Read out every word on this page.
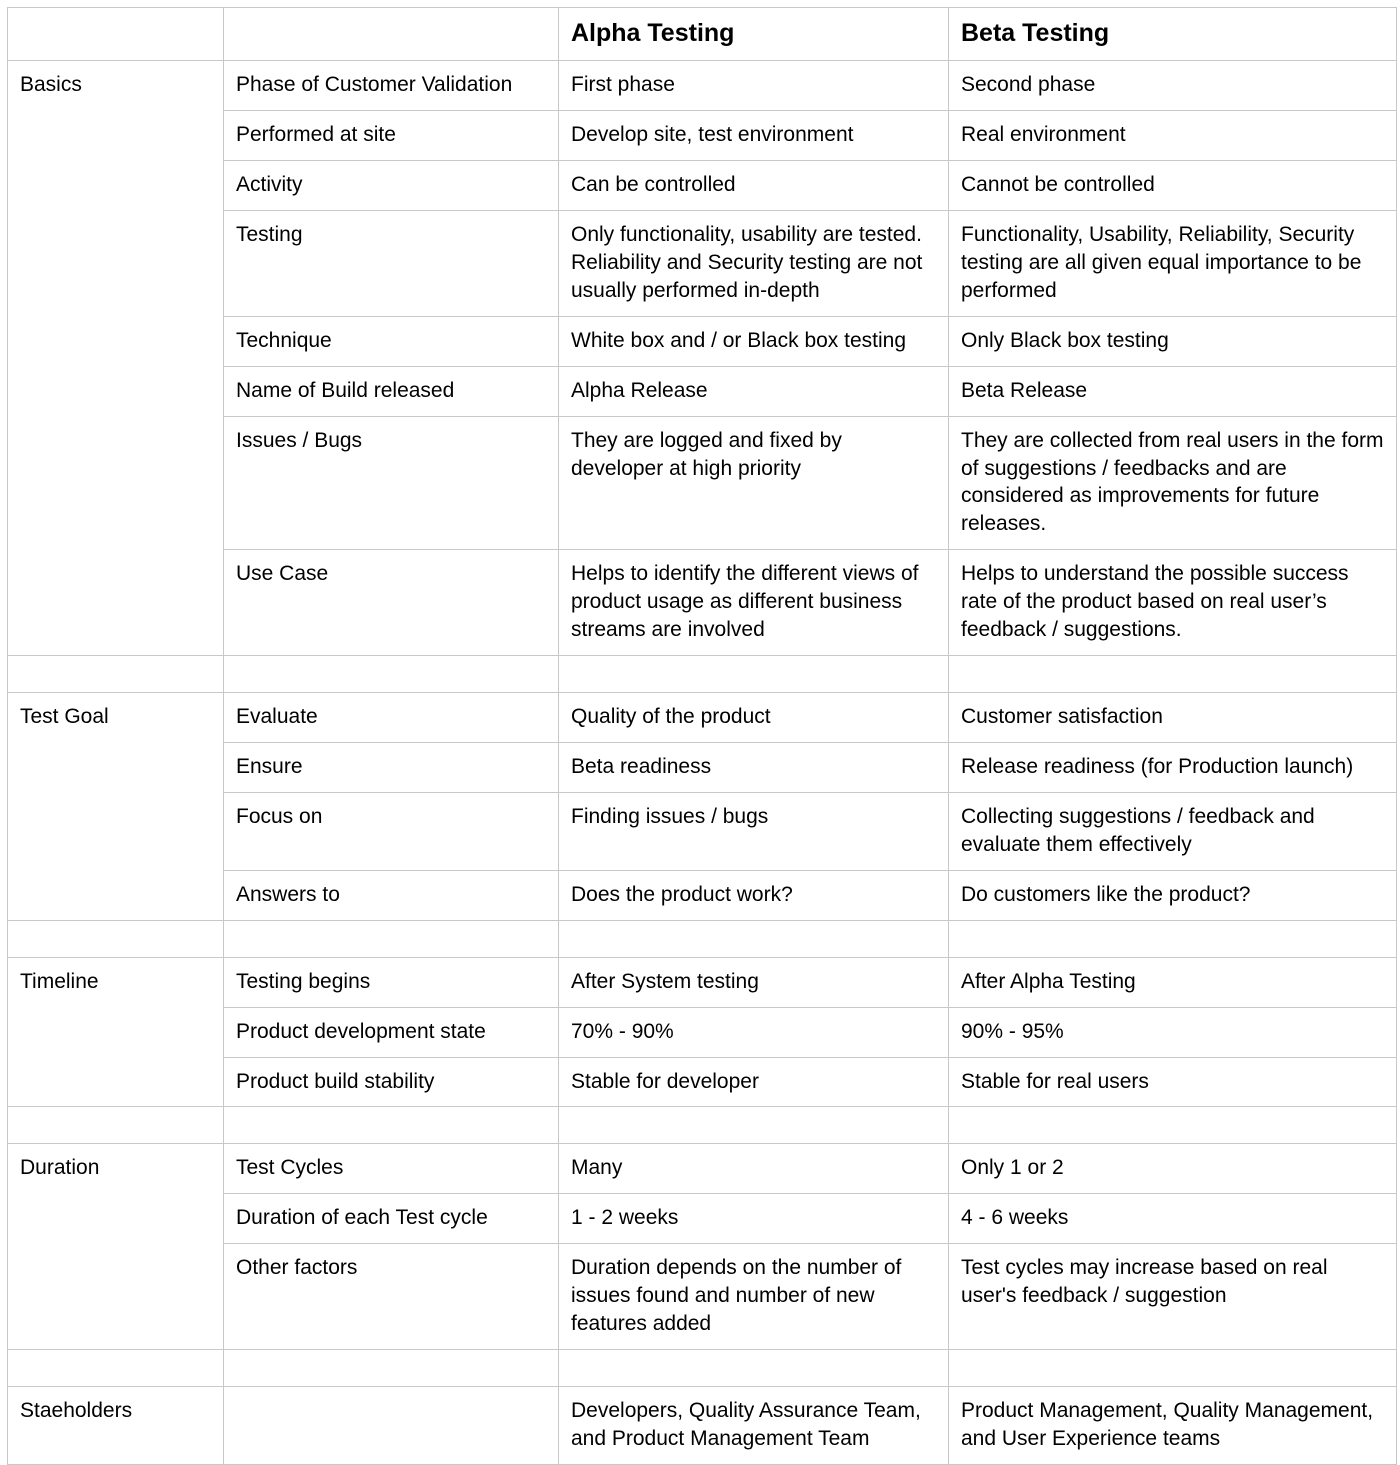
		Alpha Testing	Beta Testing
Basics	Phase of Customer Validation	First phase	Second phase
	Performed at site	Develop site, test environment	Real environment
	Activity	Can be controlled	Cannot be controlled
	Testing	Only functionality, usability are tested. Reliability and Security testing are not usually performed in-depth	Functionality, Usability, Reliability, Security testing are all given equal importance to be performed
	Technique	White box and / or Black box testing	Only Black box testing
	Name of Build released	Alpha Release	Beta Release
	Issues / Bugs	They are logged and fixed by developer at high priority	They are collected from real users in the form of suggestions / feedbacks and are considered as improvements for future releases.
	Use Case	Helps to identify the different views of product usage as different business streams are involved	Helps to understand the possible success rate of the product based on real user’s feedback / suggestions.

Test Goal	Evaluate	Quality of the product	Customer satisfaction
	Ensure	Beta readiness	Release readiness (for Production launch)
	Focus on	Finding issues / bugs	Collecting suggestions / feedback and evaluate them effectively
	Answers to	Does the product work?	Do customers like the product?

Timeline	Testing begins	After System testing	After Alpha Testing
	Product development state	70% - 90%	90% - 95%
	Product build stability	Stable for developer	Stable for real users

Duration	Test Cycles	Many	Only 1 or 2
	Duration of each Test cycle	1 - 2 weeks	4 - 6 weeks
	Other factors	Duration depends on the number of issues found and number of new features added	Test cycles may increase based on real user's feedback / suggestion

Staeholders		Developers, Quality Assurance Team, and Product Management Team	Product Management, Quality Management, and User Experience teams
